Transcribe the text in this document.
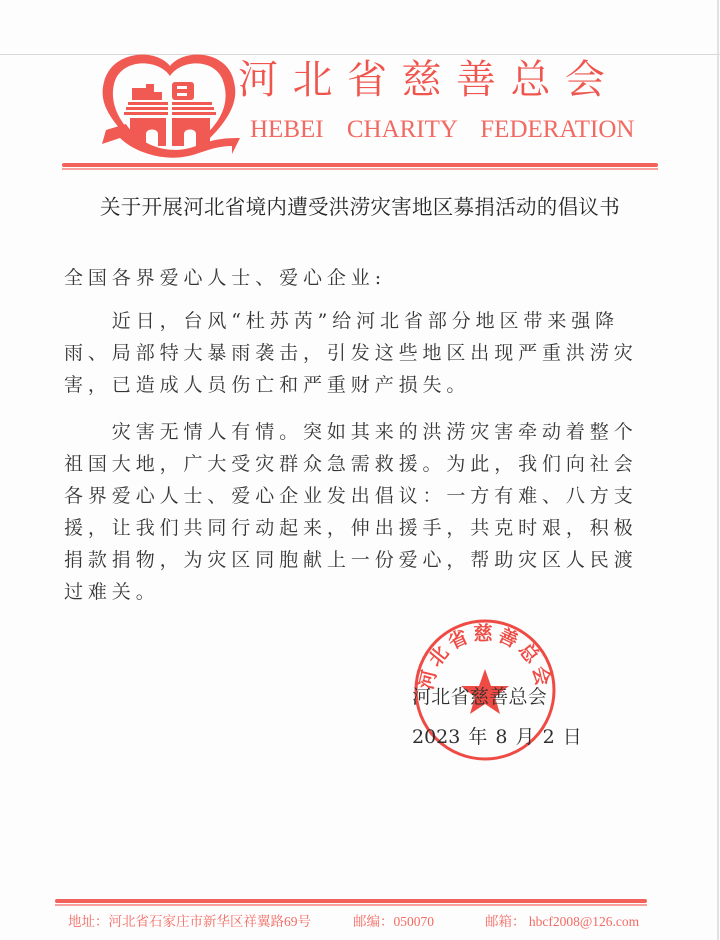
河北省慈善总会
HEBEI CHARITY FEDERATION
关于开展河北省境内遭受洪涝灾害地区募捐活动的倡议书
全国各界爱心人士、爱心企业:

近日，台风“杜苏芮”给河北省部分地区带来强降雨、局部特大暴雨袭击，引发这些地区出现严重洪涝灾害，已造成人员伤亡和严重财产损失。

灾害无情人有情。突如其来的洪涝灾害牵动着整个祖国大地，广大受灾群众急需救援。为此，我们向社会各界爱心人士、爱心企业发出倡议：一方有难、八方支援，让我们共同行动起来，伸出援手，共克时艰，积极捐款捐物，为灾区同胞献上一份爱心，帮助灾区人民渡过难关。

河北省慈善总会
河北省慈善总会
2023 年 8 月 2 日
地址：河北省石家庄市新华区祥翼路69号	邮编：050070	邮箱： hbcf2008@126.com
